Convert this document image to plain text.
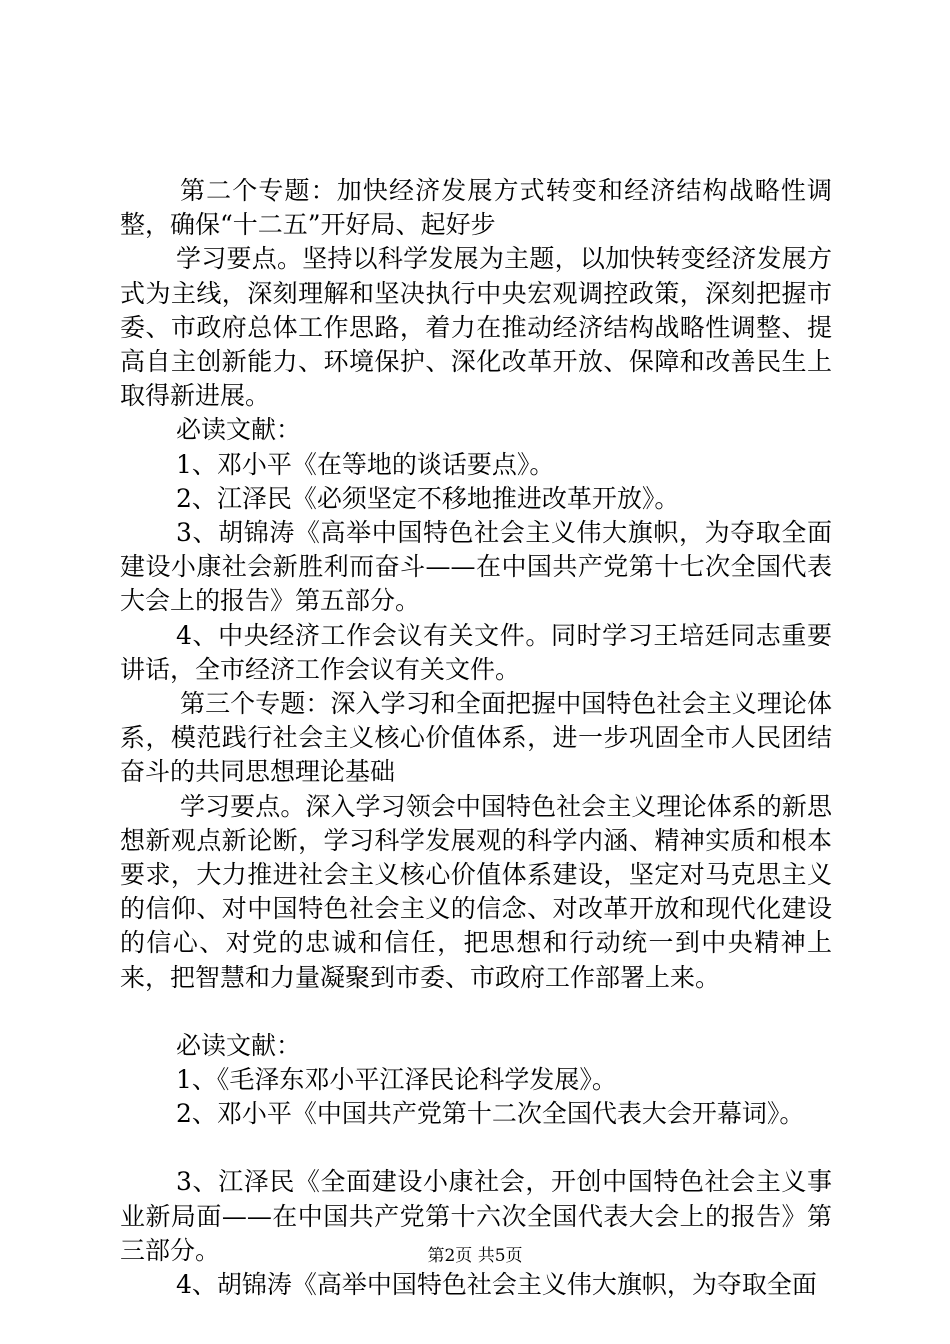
第二个专题：加快经济发展方式转变和经济结构战略性调整，确保“十二五”开好局、起好步

学习要点。坚持以科学发展为主题，以加快转变经济发展方式为主线，深刻理解和坚决执行中央宏观调控政策，深刻把握市委、市政府总体工作思路，着力在推动经济结构战略性调整、提高自主创新能力、环境保护、深化改革开放、保障和改善民生上取得新进展。

必读文献：

1、邓小平《在等地的谈话要点》。

2、江泽民《必须坚定不移地推进改革开放》。

3、胡锦涛《高举中国特色社会主义伟大旗帜，为夺取全面建设小康社会新胜利而奋斗——在中国共产党第十七次全国代表大会上的报告》第五部分。

4、中央经济工作会议有关文件。同时学习王培廷同志重要讲话，全市经济工作会议有关文件。

第三个专题：深入学习和全面把握中国特色社会主义理论体系，模范践行社会主义核心价值体系，进一步巩固全市人民团结奋斗的共同思想理论基础

学习要点。深入学习领会中国特色社会主义理论体系的新思想新观点新论断，学习科学发展观的科学内涵、精神实质和根本要求，大力推进社会主义核心价值体系建设，坚定对马克思主义的信仰、对中国特色社会主义的信念、对改革开放和现代化建设的信心、对党的忠诚和信任，把思想和行动统一到中央精神上来，把智慧和力量凝聚到市委、市政府工作部署上来。

必读文献：

1、《毛泽东邓小平江泽民论科学发展》。

2、邓小平《中国共产党第十二次全国代表大会开幕词》。

3、江泽民《全面建设小康社会，开创中国特色社会主义事业新局面——在中国共产党第十六次全国代表大会上的报告》第三部分。

4、胡锦涛《高举中国特色社会主义伟大旗帜，为夺取全面

第2页 共5页
